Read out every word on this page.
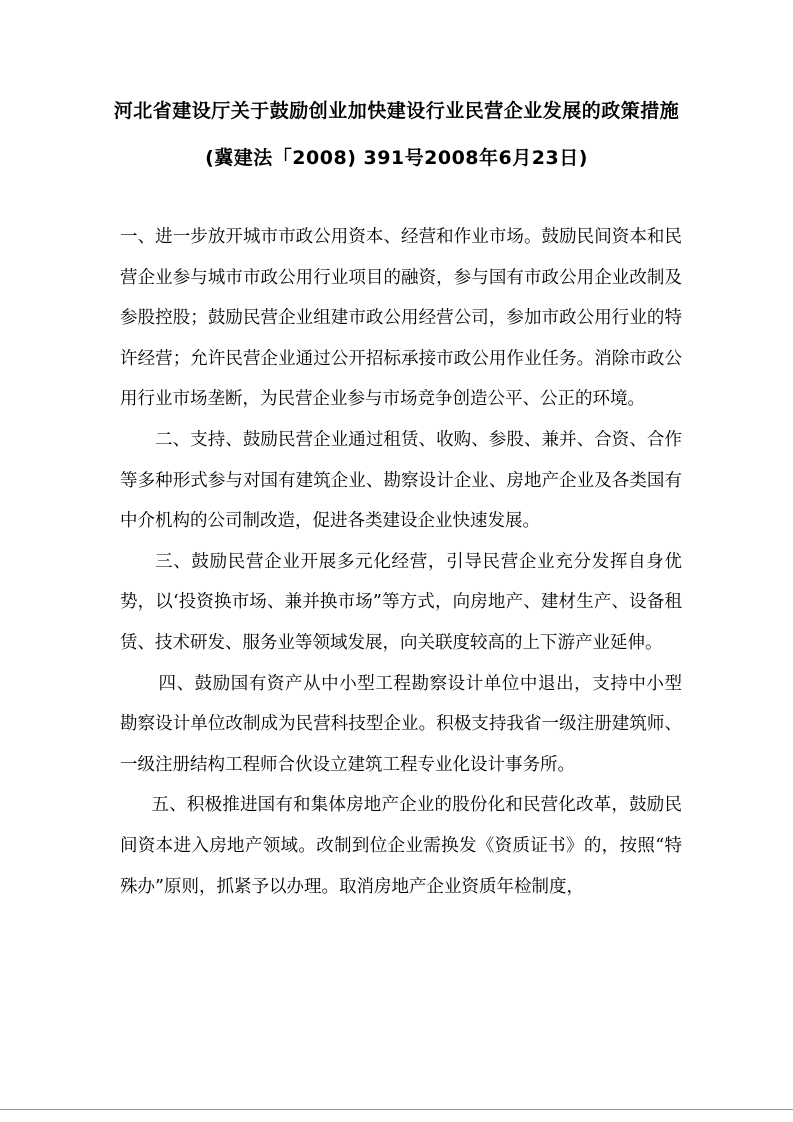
河北省建设厅关于鼓励创业加快建设行业民营企业发展的政策措施
(冀建法「2008) 391号2008年6月23日)

一、进一步放开城市市政公用资本、经营和作业市场。鼓励民间资本和民营企业参与城市市政公用行业项目的融资，参与国有市政公用企业改制及参股控股；鼓励民营企业组建市政公用经营公司，参加市政公用行业的特许经营；允许民营企业通过公开招标承接市政公用作业任务。消除市政公用行业市场垄断，为民营企业参与市场竞争创造公平、公正的环境。

二、支持、鼓励民营企业通过租赁、收购、参股、兼并、合资、合作等多种形式参与对国有建筑企业、勘察设计企业、房地产企业及各类国有中介机构的公司制改造，促进各类建设企业快速发展。

三、鼓励民营企业开展多元化经营，引导民营企业充分发挥自身优势，以‘投资换市场、兼并换市场”等方式，向房地产、建材生产、设备租赁、技术研发、服务业等领域发展，向关联度较高的上下游产业延伸。

四、鼓励国有资产从中小型工程勘察设计单位中退出，支持中小型勘察设计单位改制成为民营科技型企业。积极支持我省一级注册建筑师、一级注册结构工程师合伙设立建筑工程专业化设计事务所。

五、积极推进国有和集体房地产企业的股份化和民营化改革，鼓励民间资本进入房地产领域。改制到位企业需换发《资质证书》的，按照“特殊办”原则，抓紧予以办理。取消房地产企业资质年检制度，
